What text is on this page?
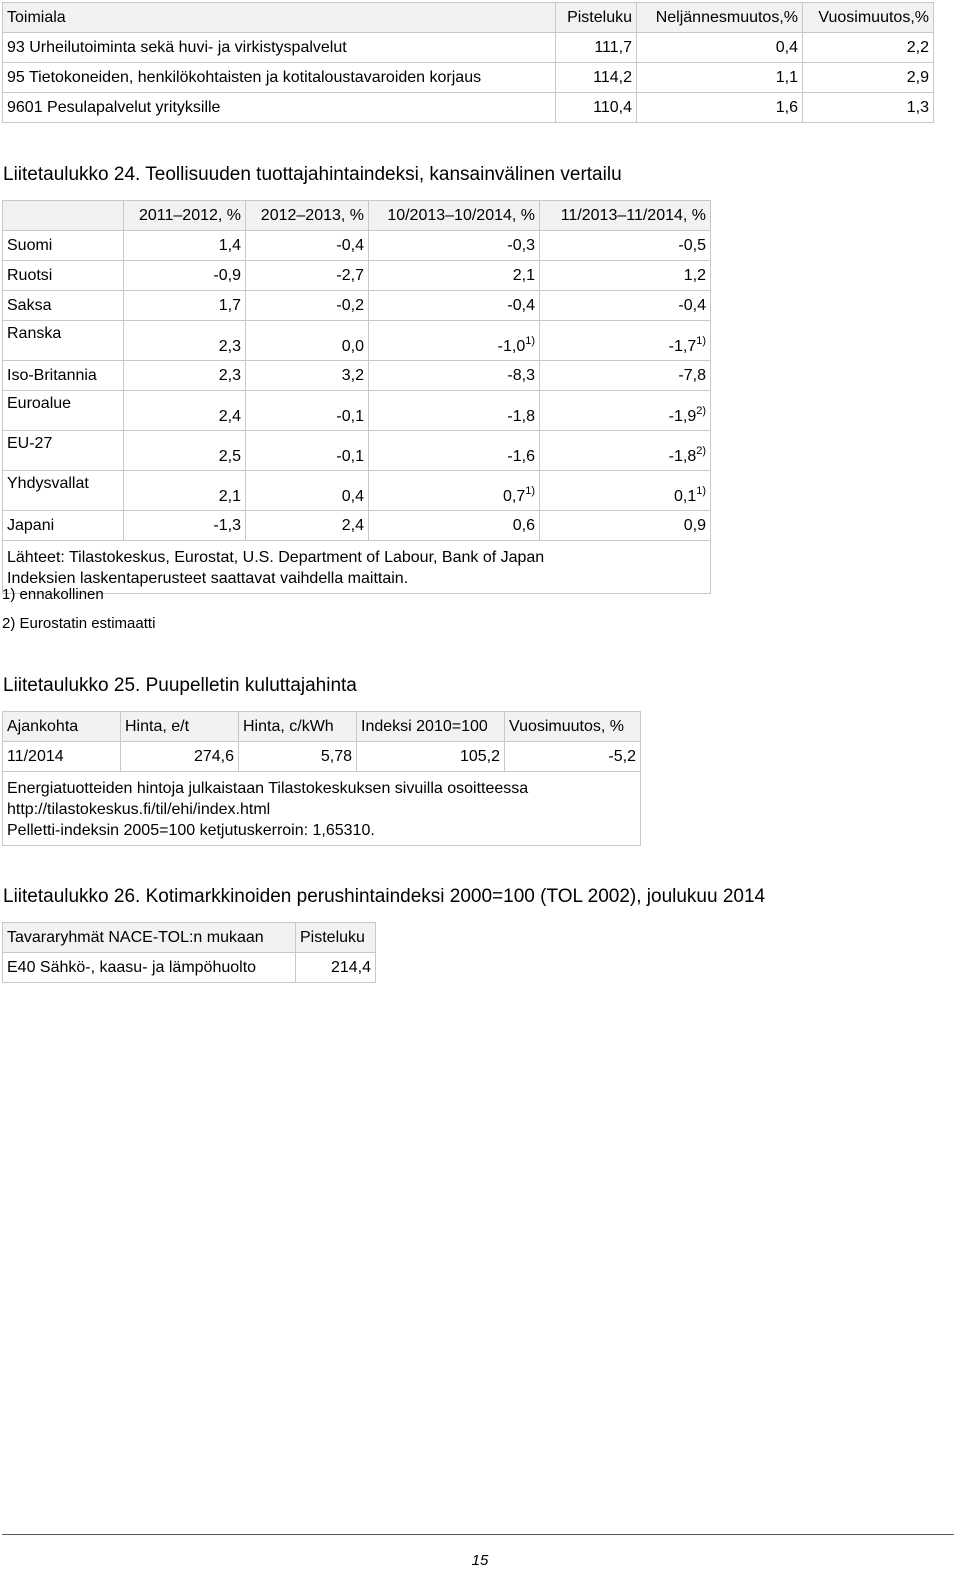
Toimiala	Pisteluku	Neljännesmuutos,%	Vuosimuutos,%
93 Urheilutoiminta sekä huvi- ja virkistyspalvelut	111,7	0,4	2,2
95 Tietokoneiden, henkilökohtaisten ja kotitaloustavaroiden korjaus	114,2	1,1	2,9
9601 Pesulapalvelut yrityksille	110,4	1,6	1,3
Liitetaulukko 24. Teollisuuden tuottajahintaindeksi, kansainvälinen vertailu
	2011–2012, %	2012–2013, %	10/2013–10/2014, %	11/2013–11/2014, %
Suomi	1,4	-0,4	-0,3	-0,5
Ruotsi	-0,9	-2,7	2,1	1,2
Saksa	1,7	-0,2	-0,4	-0,4
Ranska	2,3	0,0	-1,0$^{1)}$	-1,7$^{1)}$
Iso-Britannia	2,3	3,2	-8,3	-7,8
Euroalue	2,4	-0,1	-1,8	-1,9$^{2)}$
EU-27	2,5	-0,1	-1,6	-1,8$^{2)}$
Yhdysvallat	2,1	0,4	0,7$^{1)}$	0,1$^{1)}$
Japani	-1,3	2,4	0,6	0,9

Lähteet: Tilastokeskus, Eurostat, U.S. Department of Labour, Bank of Japan
Indeksien laskentaperusteet saattavat vaihdella maittain.				
1) ennakollinen
2) Eurostatin estimaatti
Liitetaulukko 25. Puupelletin kuluttajahinta
Ajankohta	Hinta, e/t	Hinta, c/kWh	Indeksi 2010=100	Vuosimuutos, %
11/2014	274,6	5,78	105,2	-5,2

Energiatuotteiden hintoja julkaistaan Tilastokeskuksen sivuilla osoitteessa
http://tilastokeskus.fi/til/ehi/index.html
Pelletti-indeksin 2005=100 ketjutuskerroin: 1,65310.				
Liitetaulukko 26. Kotimarkkinoiden perushintaindeksi 2000=100 (TOL 2002), joulukuu 2014
Tavararyhmät NACE-TOL:n mukaan	Pisteluku
E40 Sähkö-, kaasu- ja lämpöhuolto	214,4
15
